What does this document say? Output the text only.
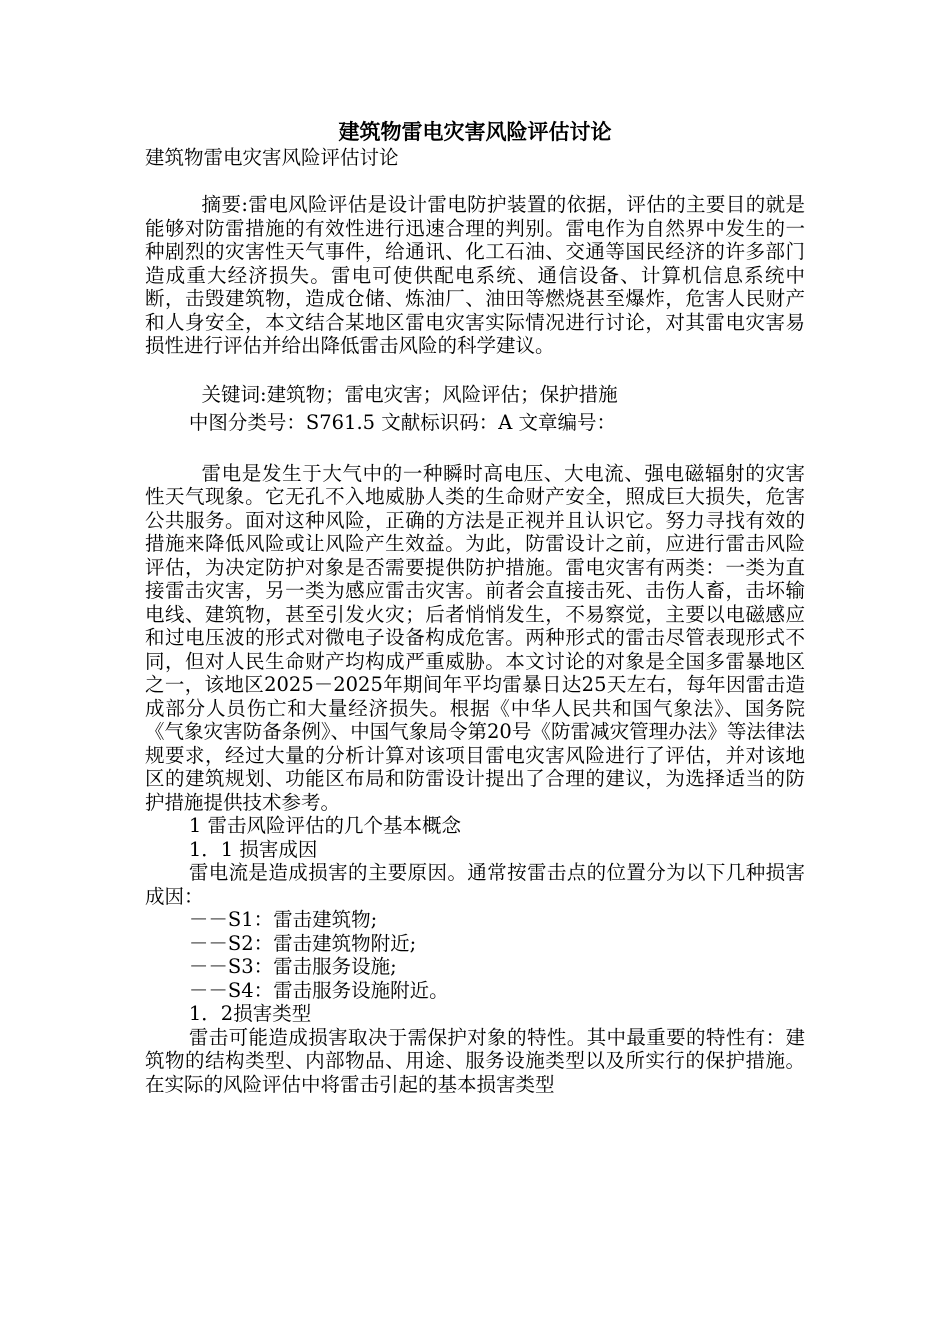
建筑物雷电灾害风险评估讨论

建筑物雷电灾害风险评估讨论

摘要:雷电风险评估是设计雷电防护装置的依据，评估的主要目的就是能够对防雷措施的有效性进行迅速合理的判别。雷电作为自然界中发生的一种剧烈的灾害性天气事件，给通讯、化工石油、交通等国民经济的许多部门造成重大经济损失。雷电可使供配电系统、通信设备、计算机信息系统中断，击毁建筑物，造成仓储、炼油厂、油田等燃烧甚至爆炸，危害人民财产和人身安全，本文结合某地区雷电灾害实际情况进行讨论，对其雷电灾害易损性进行评估并给出降低雷击风险的科学建议。

关键词:建筑物；雷电灾害；风险评估；保护措施

中图分类号：S761.5 文献标识码：A 文章编号：

雷电是发生于大气中的一种瞬时高电压、大电流、强电磁辐射的灾害性天气现象。它无孔不入地威胁人类的生命财产安全，照成巨大损失，危害公共服务。面对这种风险，正确的方法是正视并且认识它。努力寻找有效的措施来降低风险或让风险产生效益。为此，防雷设计之前，应进行雷击风险评估，为决定防护对象是否需要提供防护措施。雷电灾害有两类：一类为直接雷击灾害，另一类为感应雷击灾害。前者会直接击死、击伤人畜，击坏输电线、建筑物，甚至引发火灾；后者悄悄发生，不易察觉，主要以电磁感应和过电压波的形式对微电子设备构成危害。两种形式的雷击尽管表现形式不同，但对人民生命财产均构成严重威胁。本文讨论的对象是全国多雷暴地区之一，该地区2025－2025年期间年平均雷暴日达25天左右，每年因雷击造成部分人员伤亡和大量经济损失。根据《中华人民共和国气象法》、国务院《气象灾害防备条例》、中国气象局令第20号《防雷减灾管理办法》等法律法规要求，经过大量的分析计算对该项目雷电灾害风险进行了评估，并对该地区的建筑规划、功能区布局和防雷设计提出了合理的建议，为选择适当的防护措施提供技术参考。

1 雷击风险评估的几个基本概念

1．1 损害成因

雷电流是造成损害的主要原因。通常按雷击点的位置分为以下几种损害成因：

－－S1：雷击建筑物;

－－S2：雷击建筑物附近;

－－S3：雷击服务设施;

－－S4：雷击服务设施附近。

1．2损害类型

雷击可能造成损害取决于需保护对象的特性。其中最重要的特性有：建筑物的结构类型、内部物品、用途、服务设施类型以及所实行的保护措施。在实际的风险评估中将雷击引起的基本损害类型
